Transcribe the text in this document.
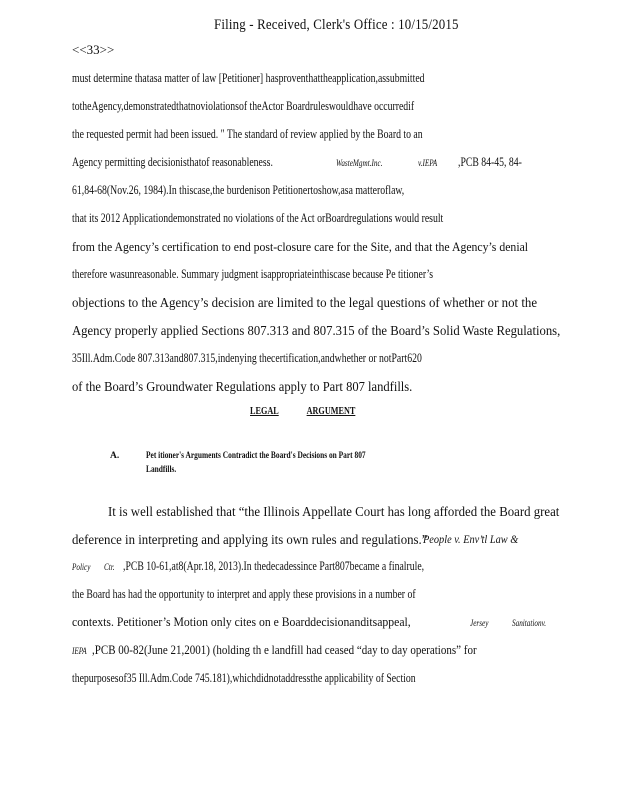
Filing - Received, Clerk's Office : 10/15/2015
<<33>>
must determine thatasa matter of law [Petitioner] hasproventhattheapplication,assubmitted
totheAgency,demonstratedthatnoviolationsof theActor Boardruleswouldhave occurredif
the requested permit had been issued. " The standard of review applied by the Board to an
Agency permitting decisionisthatof reasonableness.	WasteMgmt.Inc.	v.IEPA ,PCB 84-45, 84-
61,84-68(Nov.26, 1984).In thiscase,the burdenison Petitionertoshow,asa matteroflaw,
that its 2012 Applicationdemonstrated no violations of the Act orBoardregulations would result
from the Agency’s certification to end post-closure care for the Site, and that the Agency’s denial
therefore wasunreasonable. Summary judgment isappropriateinthiscase because Pe titioner’s
objections to the Agency’s decision are limited to the legal questions of whether or not the
Agency properly applied Sections 807.313 and 807.315 of the Board’s Solid Waste Regulations,
35Ill.Adm.Code 807.313and807.315,indenying thecertification,andwhether or notPart620
of the Board’s Groundwater Regulations apply to Part 807 landfills.
LEGAL	ARGUMENT
A.	Pet itioner's Arguments Contradict the Board's Decisions on Part 807
Landfills.
It is well established that “the Illinois Appellate Court has long afforded the Board great
deference in interpreting and applying its own rules and regulations.”
People v. Env’tl Law &
Policy Ctr. ,PCB 10-61,at8(Apr.18, 2013).In thedecadessince Part807became a finalrule,
the Board has had the opportunity to interpret and apply these provisions in a number of
contexts. Petitioner’s Motion only cites on e Boarddecisionanditsappeal,	Jersey	Sanitationv.
IEPA ,PCB 00-82(June 21,2001) (holding th e landfill had ceased “day to day operations” for
thepurposesof35 Ill.Adm.Code 745.181),whichdidnotaddressthe applicability of Section
